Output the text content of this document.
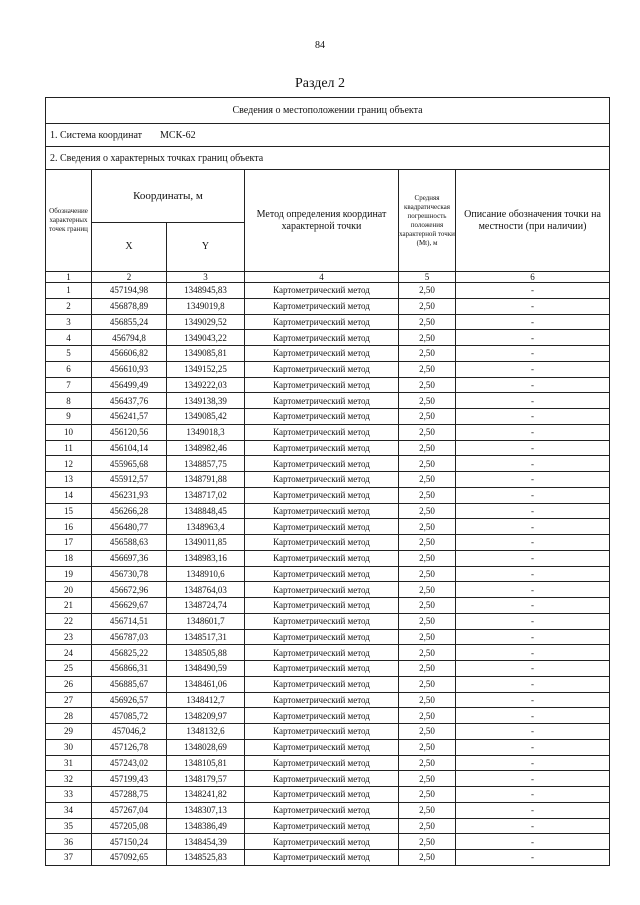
84
Раздел 2
Сведения о местоположении границ объекта					
1. Система координат МСК-62					
2. Сведения о характерных точках границ объекта					
Обозначение характерных точек границ	Координаты, м		Метод определения координат характерной точки	Средняя квадратическая погрешность положения характерной точки (Мt), м	Описание обозначения точки на местности (при наличии)
	X	Y			
1	2	3	4	5	6
1	457194,98	1348945,83	Картометрический метод	2,50	-
2	456878,89	1349019,8	Картометрический метод	2,50	-
3	456855,24	1349029,52	Картометрический метод	2,50	-
4	456794,8	1349043,22	Картометрический метод	2,50	-
5	456606,82	1349085,81	Картометрический метод	2,50	-
6	456610,93	1349152,25	Картометрический метод	2,50	-
7	456499,49	1349222,03	Картометрический метод	2,50	-
8	456437,76	1349138,39	Картометрический метод	2,50	-
9	456241,57	1349085,42	Картометрический метод	2,50	-
10	456120,56	1349018,3	Картометрический метод	2,50	-
11	456104,14	1348982,46	Картометрический метод	2,50	-
12	455965,68	1348857,75	Картометрический метод	2,50	-
13	455912,57	1348791,88	Картометрический метод	2,50	-
14	456231,93	1348717,02	Картометрический метод	2,50	-
15	456266,28	1348848,45	Картометрический метод	2,50	-
16	456480,77	1348963,4	Картометрический метод	2,50	-
17	456588,63	1349011,85	Картометрический метод	2,50	-
18	456697,36	1348983,16	Картометрический метод	2,50	-
19	456730,78	1348910,6	Картометрический метод	2,50	-
20	456672,96	1348764,03	Картометрический метод	2,50	-
21	456629,67	1348724,74	Картометрический метод	2,50	-
22	456714,51	1348601,7	Картометрический метод	2,50	-
23	456787,03	1348517,31	Картометрический метод	2,50	-
24	456825,22	1348505,88	Картометрический метод	2,50	-
25	456866,31	1348490,59	Картометрический метод	2,50	-
26	456885,67	1348461,06	Картометрический метод	2,50	-
27	456926,57	1348412,7	Картометрический метод	2,50	-
28	457085,72	1348209,97	Картометрический метод	2,50	-
29	457046,2	1348132,6	Картометрический метод	2,50	-
30	457126,78	1348028,69	Картометрический метод	2,50	-
31	457243,02	1348105,81	Картометрический метод	2,50	-
32	457199,43	1348179,57	Картометрический метод	2,50	-
33	457288,75	1348241,82	Картометрический метод	2,50	-
34	457267,04	1348307,13	Картометрический метод	2,50	-
35	457205,08	1348386,49	Картометрический метод	2,50	-
36	457150,24	1348454,39	Картометрический метод	2,50	-
37	457092,65	1348525,83	Картометрический метод	2,50	-
